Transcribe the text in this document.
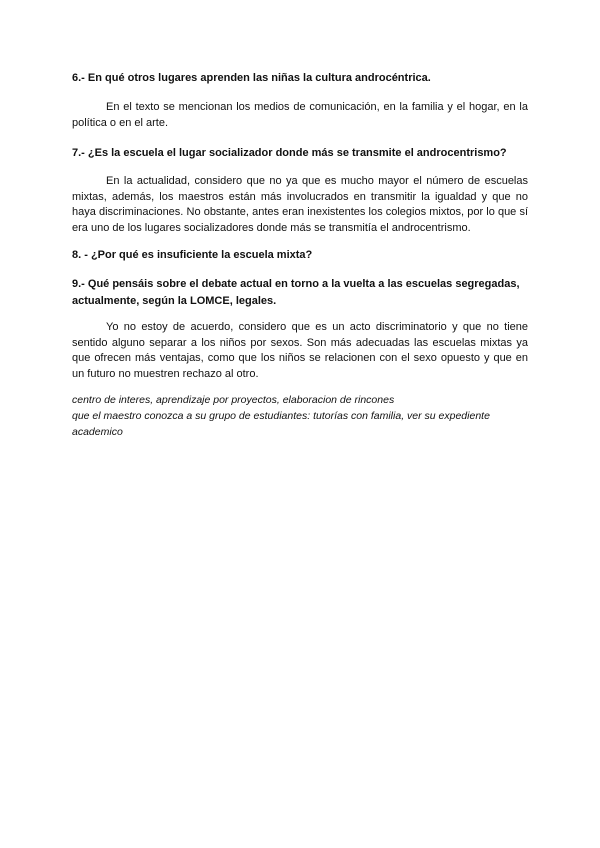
6.- En qué otros lugares aprenden las niñas la cultura androcéntrica.

En el texto se mencionan los medios de comunicación, en la familia y el hogar, en la política o en el arte.

7.- ¿Es la escuela el lugar socializador donde más se transmite el androcentrismo?

En la actualidad, considero que no ya que es mucho mayor el número de escuelas mixtas, además, los maestros están más involucrados en transmitir la igualdad y que no haya discriminaciones. No obstante, antes eran inexistentes los colegios mixtos, por lo que sí era uno de los lugares socializadores donde más se transmitía el androcentrismo.

8. - ¿Por qué es insuficiente la escuela mixta?

9.- Qué pensáis sobre el debate actual en torno a la vuelta a las escuelas segregadas, actualmente, según la LOMCE, legales.

Yo no estoy de acuerdo, considero que es un acto discriminatorio y que no tiene sentido alguno separar a los niños por sexos. Son más adecuadas las escuelas mixtas ya que ofrecen más ventajas, como que los niños se relacionen con el sexo opuesto y que en un futuro no muestren rechazo al otro.

centro de interes, aprendizaje por proyectos, elaboracion de rincones

que el maestro conozca a su grupo de estudiantes: tutorías con familia, ver su expediente academico
